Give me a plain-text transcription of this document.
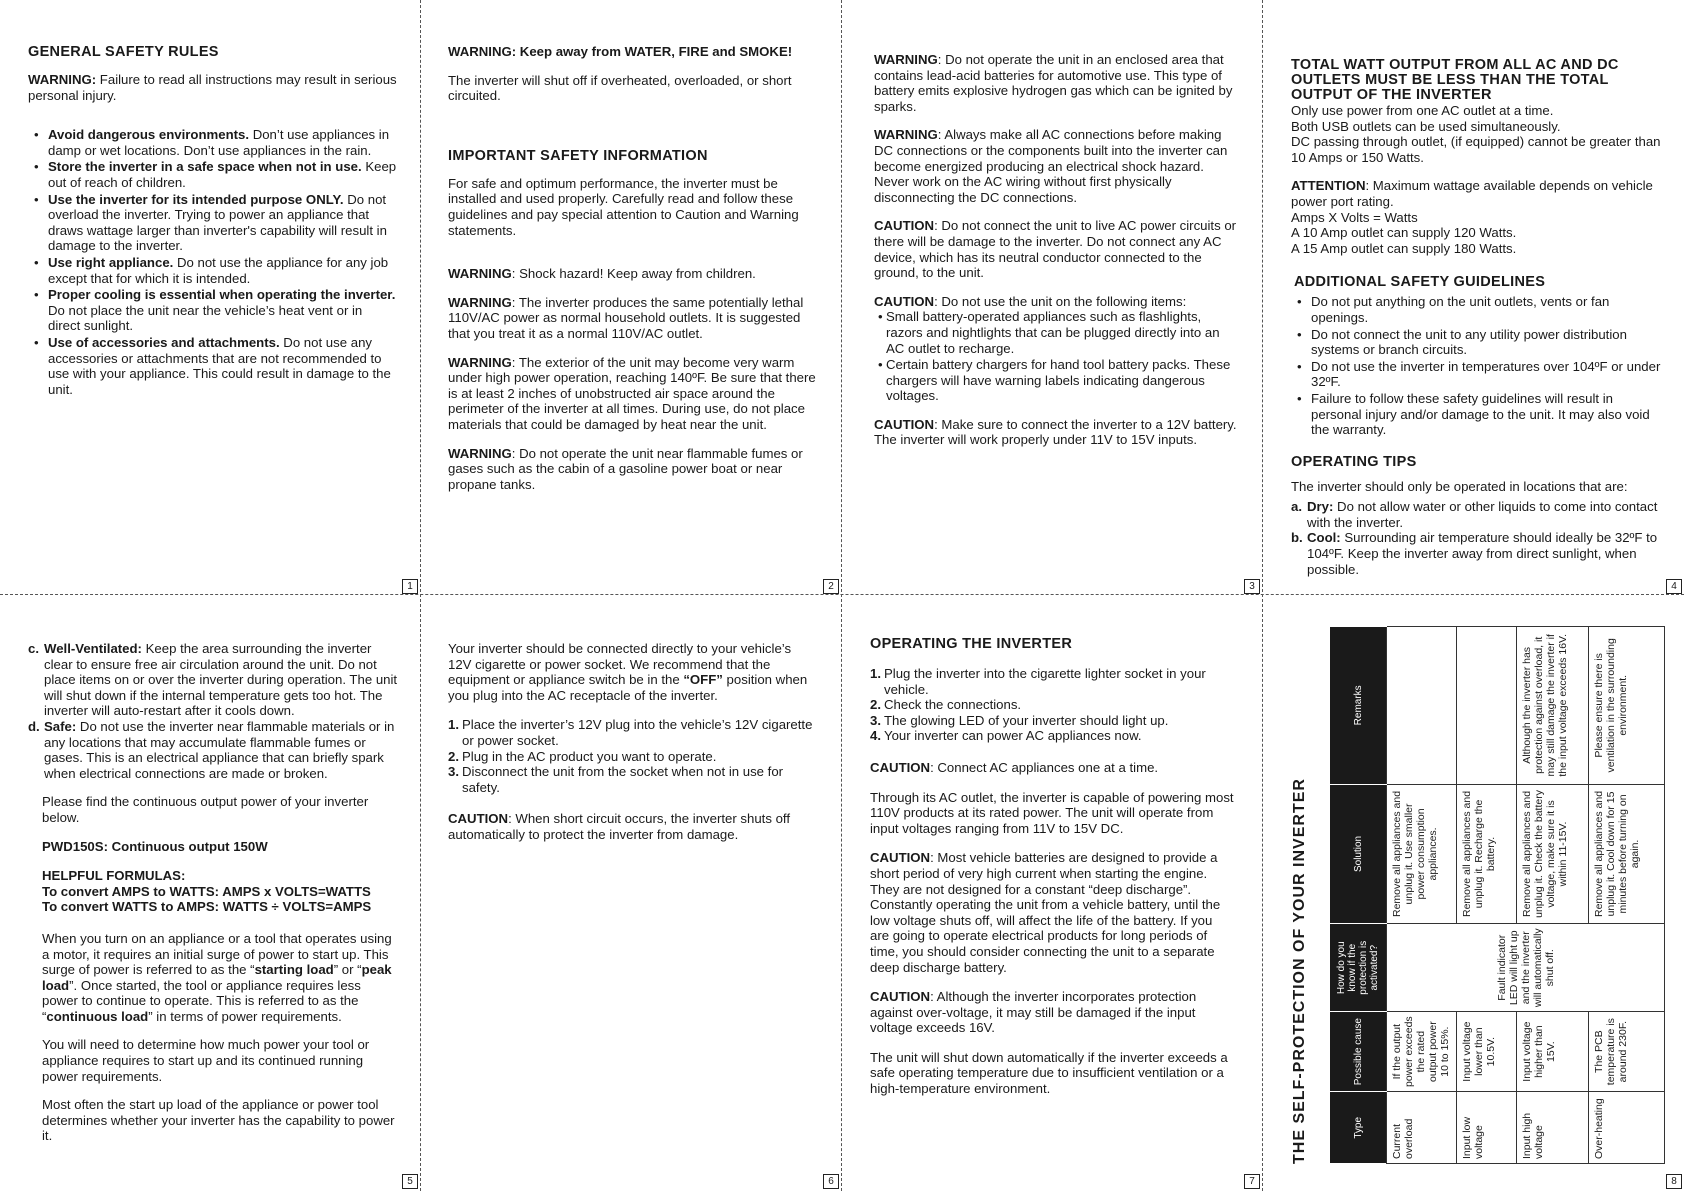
1	2	3	4
5	6	7	8
GENERAL SAFETY RULES

WARNING: Failure to read all instructions may result in serious personal injury.

• Avoid dangerous environments. Don’t use appliances in damp or wet locations. Don’t use appliances in the rain.
• Store the inverter in a safe space when not in use. Keep out of reach of children.
• Use the inverter for its intended purpose ONLY. Do not overload the inverter. Trying to power an appliance that draws wattage larger than inverter's capability will result in damage to the inverter.
• Use right appliance. Do not use the appliance for any job except that for which it is intended.
• Proper cooling is essential when operating the inverter. Do not place the unit near the vehicle’s heat vent or in direct sunlight.
• Use of accessories and attachments. Do not use any accessories or attachments that are not recommended to use with your appliance. This could result in damage to the unit.

WARNING: Keep away from WATER, FIRE and SMOKE!

The inverter will shut off if overheated, overloaded, or short circuited.

IMPORTANT SAFETY INFORMATION

For safe and optimum performance, the inverter must be installed and used properly. Carefully read and follow these guidelines and pay special attention to Caution and Warning statements.

WARNING: Shock hazard! Keep away from children.

WARNING: The inverter produces the same potentially lethal 110V/AC power as normal household outlets. It is suggested that you treat it as a normal 110V/AC outlet.

WARNING: The exterior of the unit may become very warm under high power operation, reaching 140ºF. Be sure that there is at least 2 inches of unobstructed air space around the perimeter of the inverter at all times. During use, do not place materials that could be damaged by heat near the unit.

WARNING: Do not operate the unit near flammable fumes or gases such as the cabin of a gasoline power boat or near propane tanks.

WARNING: Do not operate the unit in an enclosed area that contains lead-acid batteries for automotive use. This type of battery emits explosive hydrogen gas which can be ignited by sparks.

WARNING: Always make all AC connections before making DC connections or the components built into the inverter can become energized producing an electrical shock hazard. Never work on the AC wiring without first physically disconnecting the DC connections.

CAUTION: Do not connect the unit to live AC power circuits or there will be damage to the inverter. Do not connect any AC device, which has its neutral conductor connected to the ground, to the unit.

CAUTION: Do not use the unit on the following items:

• Small battery-operated appliances such as flashlights, razors and nightlights that can be plugged directly into an AC outlet to recharge.
• Certain battery chargers for hand tool battery packs. These chargers will have warning labels indicating dangerous voltages.

CAUTION: Make sure to connect the inverter to a 12V battery. The inverter will work properly under 11V to 15V inputs.

TOTAL WATT OUTPUT FROM ALL AC AND DC OUTLETS MUST BE LESS THAN THE TOTAL OUTPUT OF THE INVERTER
Only use power from one AC outlet at a time.
Both USB outlets can be used simultaneously.

DC passing through outlet, (if equipped) cannot be greater than 10 Amps or 150 Watts.

ATTENTION: Maximum wattage available depends on vehicle power port rating.
Amps X Volts = Watts
A 10 Amp outlet can supply 120 Watts.
A 15 Amp outlet can supply 180 Watts.
ADDITIONAL SAFETY GUIDELINES
• Do not put anything on the unit outlets, vents or fan openings.
• Do not connect the unit to any utility power distribution systems or branch circuits.
• Do not use the inverter in temperatures over 104ºF or under 32ºF.
• Failure to follow these safety guidelines will result in personal injury and/or damage to the unit. It may also void the warranty.
OPERATING TIPS

The inverter should only be operated in locations that are:

a. Dry: Do not allow water or other liquids to come into contact with the inverter.
b. Cool: Surrounding air temperature should ideally be 32ºF to 104ºF. Keep the inverter away from direct sunlight, when possible.
c. Well-Ventilated: Keep the area surrounding the inverter clear to ensure free air circulation around the unit. Do not place items on or over the inverter during operation. The unit will shut down if the internal temperature gets too hot. The inverter will auto-restart after it cools down.
d. Safe: Do not use the inverter near flammable materials or in any locations that may accumulate flammable fumes or gases. This is an electrical appliance that can briefly spark when electrical connections are made or broken.

Please find the continuous output power of your inverter below.

PWD150S: Continuous output 150W

HELPFUL FORMULAS:
To convert AMPS to WATTS: AMPS x VOLTS=WATTS

To convert WATTS to AMPS: WATTS ÷ VOLTS=AMPS

When you turn on an appliance or a tool that operates using a motor, it requires an initial surge of power to start up. This surge of power is referred to as the “starting load” or “peak load”. Once started, the tool or appliance requires less power to continue to operate. This is referred to as the “continuous load” in terms of power requirements.

You will need to determine how much power your tool or appliance requires to start up and its continued running power requirements.

Most often the start up load of the appliance or power tool determines whether your inverter has the capability to power it.

Your inverter should be connected directly to your vehicle’s 12V cigarette or power socket. We recommend that the equipment or appliance switch be in the “OFF” position when you plug into the AC receptacle of the inverter.

1. Place the inverter’s 12V plug into the vehicle’s 12V cigarette or power socket.
2. Plug in the AC product you want to operate.
3. Disconnect the unit from the socket when not in use for safety.

CAUTION: When short circuit occurs, the inverter shuts off automatically to protect the inverter from damage.

OPERATING THE INVERTER
1. Plug the inverter into the cigarette lighter socket in your vehicle.
2. Check the connections.
3. The glowing LED of your inverter should light up.
4. Your inverter can power AC appliances now.

CAUTION: Connect AC appliances one at a time.

Through its AC outlet, the inverter is capable of powering most 110V products at its rated power. The unit will operate from input voltages ranging from 11V to 15V DC.

CAUTION: Most vehicle batteries are designed to provide a short period of very high current when starting the engine. They are not designed for a constant “deep discharge”. Constantly operating the unit from a vehicle battery, until the low voltage shuts off, will affect the life of the battery. If you are going to operate electrical products for long periods of time, you should consider connecting the unit to a separate deep discharge battery.

CAUTION: Although the inverter incorporates protection against over-voltage, it may still be damaged if the input voltage exceeds 16V.

The unit will shut down automatically if the inverter exceeds a safe operating temperature due to insufficient ventilation or a high-temperature environment.	THE SELF-PROTECTION OF YOUR INVERTER	Type	Possible cause	How do you know if the protection is activated?	Solution	Remarks
Current overload	If the output power exceeds the rated output power 10 to 15%.	Fault indicator LED will light up and the inverter will automatically shut off.	Remove all appliances and unplug it. Use smaller power consumption appliances.	
Input low voltage	Input voltage lower than 10.5V.		Remove all appliances and unplug it. Recharge the battery.	
Input high voltage	Input voltage higher than 15V.		Remove all appliances and unplug it. Check the battery voltage, make sure it is within 11-15V.	Although the inverter has protection against overload, it may still damage the inverter if the input voltage exceeds 16V.
Over-heating	The PCB temperature is around 230F.		Remove all appliances and unplug it. Cool down for 15 minutes before turning on again.	Please ensure there is ventilation in the surrounding environment.
